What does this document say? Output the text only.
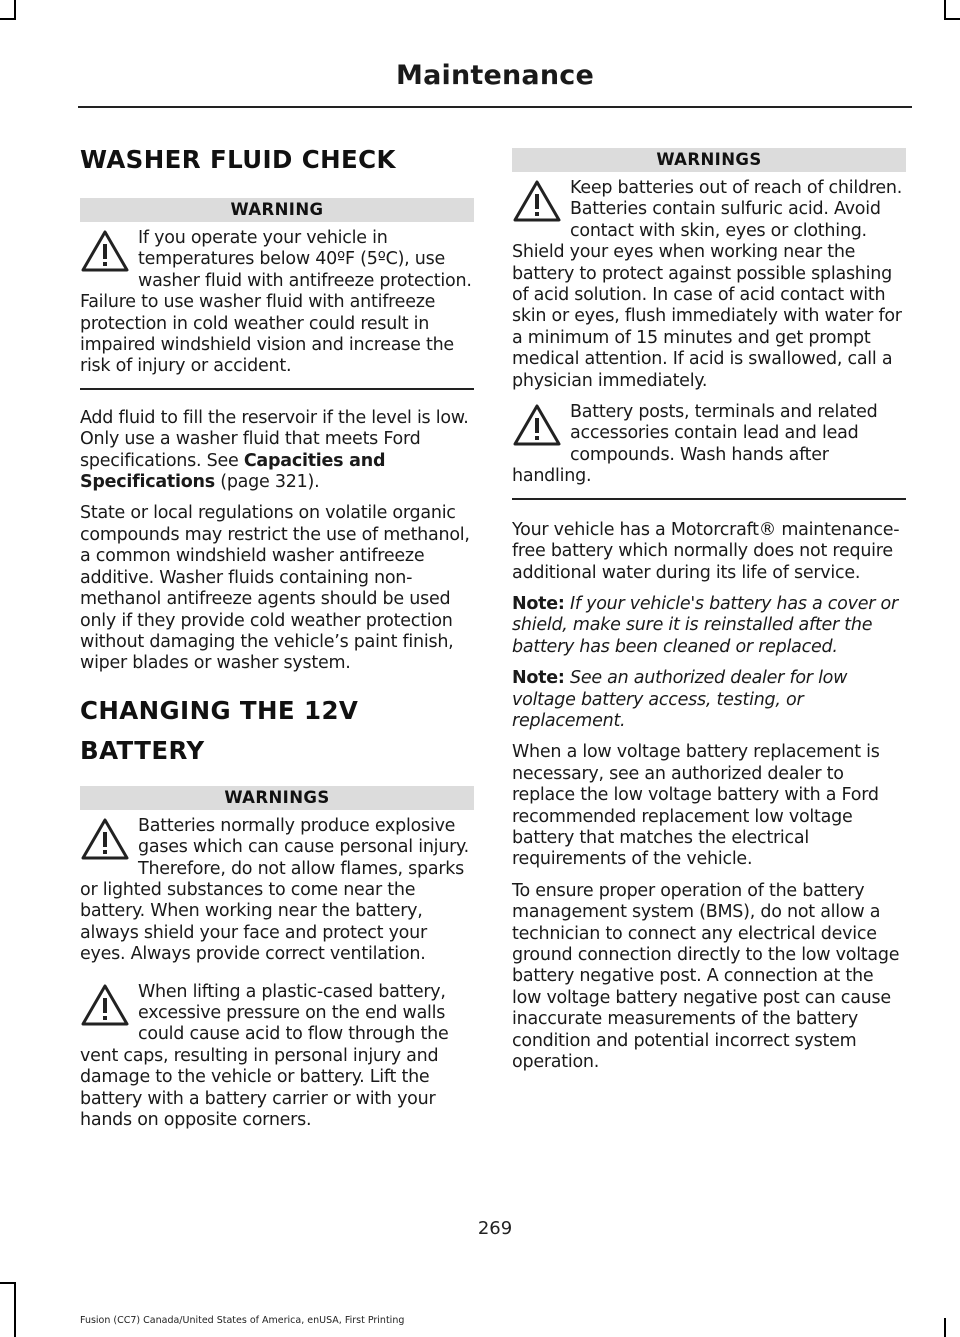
Maintenance
WASHER FLUID CHECK
WARNING

If you operate your vehicle in temperatures below 40ºF (5ºC), use washer fluid with antifreeze protection. Failure to use washer fluid with antifreeze protection in cold weather could result in impaired windshield vision and increase the risk of injury or accident.

Add fluid to fill the reservoir if the level is low. Only use a washer fluid that meets Ford specifications. See Capacities and Specifications (page 321).

State or local regulations on volatile organic compounds may restrict the use of methanol, a common windshield washer antifreeze additive. Washer fluids containing non-methanol antifreeze agents should be used only if they provide cold weather protection without damaging the vehicle’s paint finish, wiper blades or washer system.

CHANGING THE 12V BATTERY
WARNINGS

Batteries normally produce explosive gases which can cause personal injury. Therefore, do not allow flames, sparks or lighted substances to come near the battery. When working near the battery, always shield your face and protect your eyes. Always provide correct ventilation.

When lifting a plastic-cased battery, excessive pressure on the end walls could cause acid to flow through the vent caps, resulting in personal injury and damage to the vehicle or battery. Lift the battery with a battery carrier or with your hands on opposite corners.

WARNINGS

Keep batteries out of reach of children. Batteries contain sulfuric acid. Avoid contact with skin, eyes or clothing. Shield your eyes when working near the battery to protect against possible splashing of acid solution. In case of acid contact with skin or eyes, flush immediately with water for a minimum of 15 minutes and get prompt medical attention. If acid is swallowed, call a physician immediately.

Battery posts, terminals and related accessories contain lead and lead compounds. Wash hands after handling.

Your vehicle has a Motorcraft® maintenance-free battery which normally does not require additional water during its life of service.

Note: If your vehicle's battery has a cover or shield, make sure it is reinstalled after the battery has been cleaned or replaced.

Note: See an authorized dealer for low voltage battery access, testing, or replacement.

When a low voltage battery replacement is necessary, see an authorized dealer to replace the low voltage battery with a Ford recommended replacement low voltage battery that matches the electrical requirements of the vehicle.

To ensure proper operation of the battery management system (BMS), do not allow a technician to connect any electrical device ground connection directly to the low voltage battery negative post. A connection at the low voltage battery negative post can cause inaccurate measurements of the battery condition and potential incorrect system operation.

269
Fusion (CC7) Canada/United States of America, enUSA, First Printing
